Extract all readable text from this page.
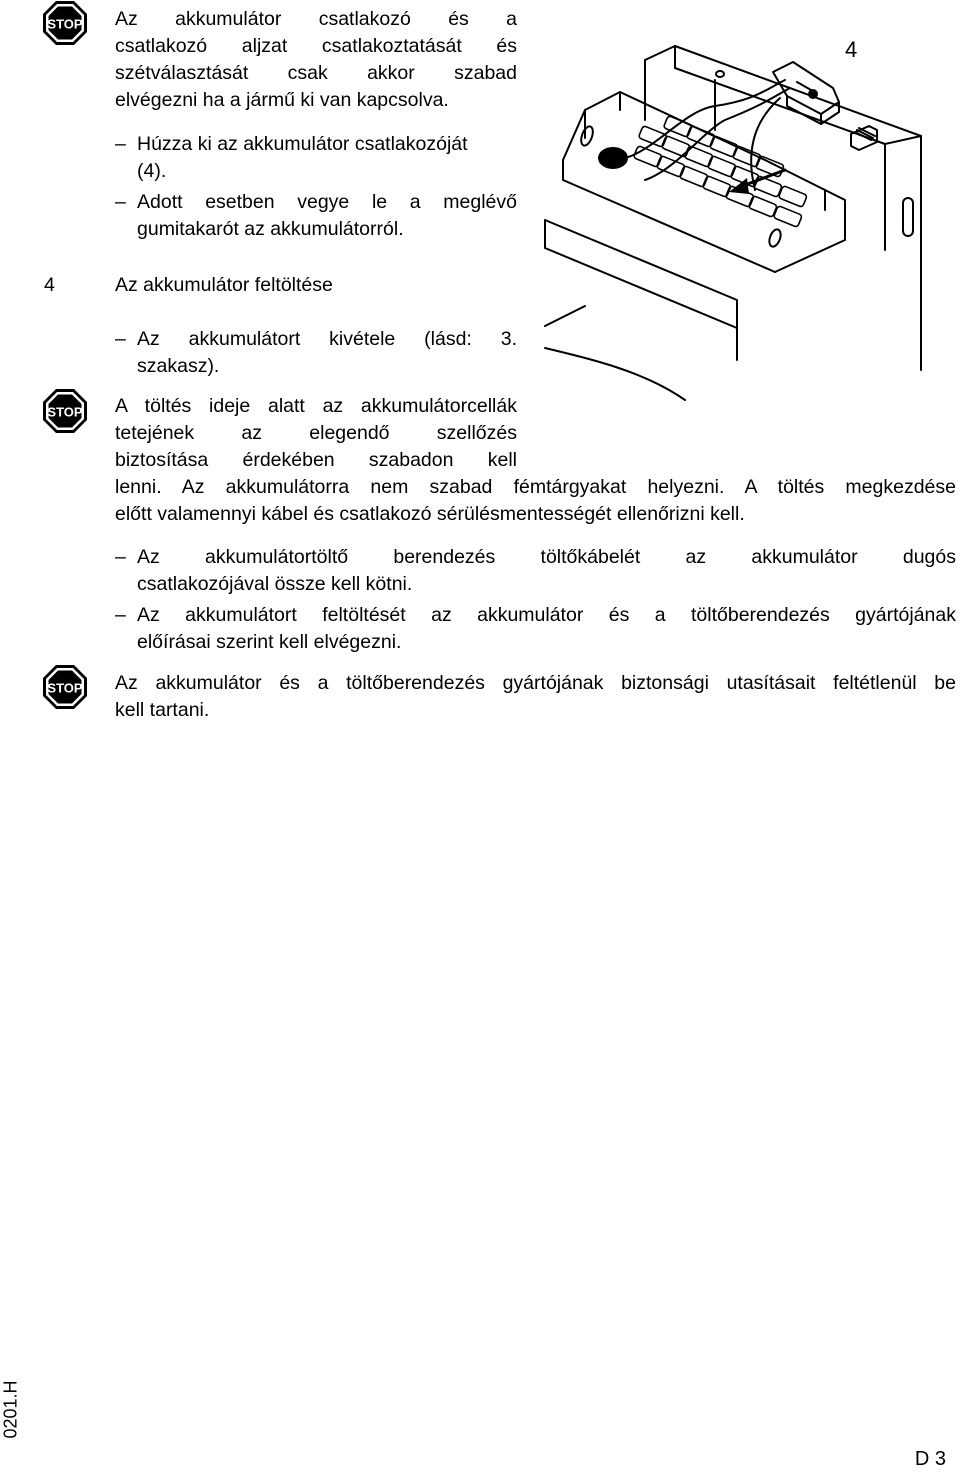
STOP Az akkumulátor csatlakozó és a
csatlakozó aljzat csatlakoztatását és
szétválasztását csak akkor szabad
elvégezni ha a jármű ki van kapcsolva.
– Húzza ki az akkumulátor csatlakozóját
(4).
– Adott esetben vegye le a meglévő
gumitakarót az akkumulátorról.
4
4	Az akkumulátor feltöltése
– Az akkumulátort kivétele (lásd: 3.
szakasz).
STOP A töltés ideje alatt az akkumulátorcellák
tetejének az elegendő szellőzés
biztosítása érdekében szabadon kell
lenni. Az akkumulátorra nem szabad fémtárgyakat helyezni. A töltés megkezdése
előtt valamennyi kábel és csatlakozó sérülésmentességét ellenőrizni kell.
– Az akkumulátortöltő berendezés töltőkábelét az akkumulátor dugós
csatlakozójával össze kell kötni.
– Az akkumulátort feltöltését az akkumulátor és a töltőberendezés gyártójának
előírásai szerint kell elvégezni.
STOP Az akkumulátor és a töltőberendezés gyártójának biztonsági utasításait feltétlenül be
kell tartani.
0201.H
D 3
